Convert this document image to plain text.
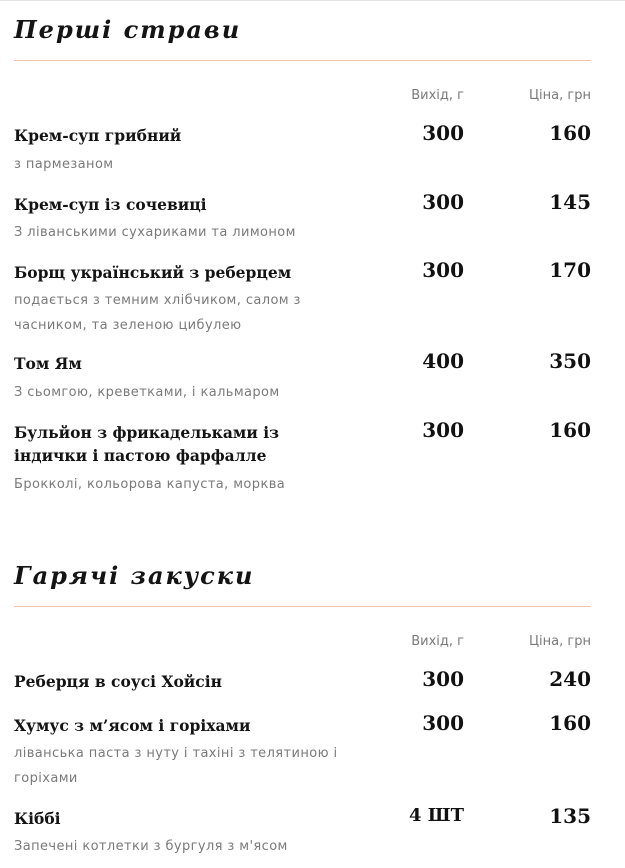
Перші страви
Вихід, г	Ціна, грн

Крем-суп грибний

з пармезаном

300	160

Крем-суп із сочевиці

З ліванськими сухариками та лимоном

300	145

Борщ український з реберцем

подається з темним хлібчиком, салом з часником, та зеленою цибулею

300	170

Том Ям

З сьомгою, креветками, і кальмаром

400	350

Бульйон з фрикадельками із індички і пастою фарфалле

Брокколі, кольорова капуста, морква

300	160
Гарячі закуски
Вихід, г	Ціна, грн

Реберця в соусі Хойсін	300	240

Хумус з м’ясом і горіхами

ліванська паста з нуту і тахіні з телятиною і горіхами

300	160

Кіббі

Запечені котлетки з бургуля з м'ясом

4 ШТ	135
